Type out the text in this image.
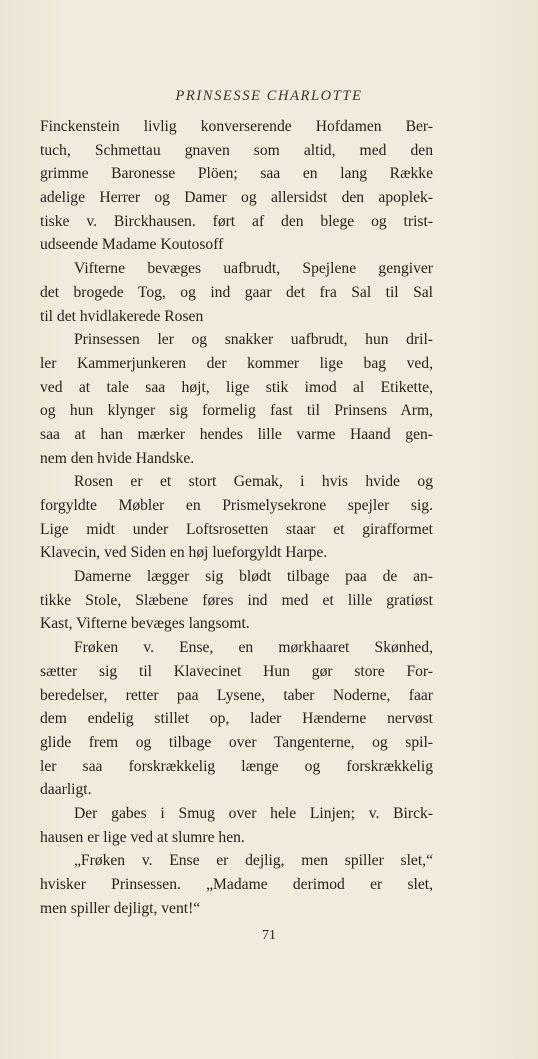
PRINSESSE CHARLOTTE
Finckenstein livlig konverserende Hofdamen Ber-
tuch, Schmettau gnaven som altid, med den
grimme Baronesse Plöen; saa en lang Række
adelige Herrer og Damer og allersidst den apoplek-
tiske v. Birckhausen. ført af den blege og trist-
udseende Madame Koutosoff
Vifterne bevæges uafbrudt, Spejlene gengiver
det brogede Tog, og ind gaar det fra Sal til Sal
til det hvidlakerede Rosen
Prinsessen ler og snakker uafbrudt, hun dril-
ler Kammerjunkeren der kommer lige bag ved,
ved at tale saa højt, lige stik imod al Etikette,
og hun klynger sig formelig fast til Prinsens Arm,
saa at han mærker hendes lille varme Haand gen-
nem den hvide Handske.
Rosen er et stort Gemak, i hvis hvide og
forgyldte Møbler en Prismelysekrone spejler sig.
Lige midt under Loftsrosetten staar et girafformet
Klavecin, ved Siden en høj lueforgyldt Harpe.
Damerne lægger sig blødt tilbage paa de an-
tikke Stole, Slæbene føres ind med et lille gratiøst
Kast, Vifterne bevæges langsomt.
Frøken v. Ense, en mørkhaaret Skønhed,
sætter sig til Klavecinet Hun gør store For-
beredelser, retter paa Lysene, taber Noderne, faar
dem endelig stillet op, lader Hænderne nervøst
glide frem og tilbage over Tangenterne, og spil-
ler saa forskrækkelig længe og forskrækkelig
daarligt.
Der gabes i Smug over hele Linjen; v. Birck-
hausen er lige ved at slumre hen.
„Frøken v. Ense er dejlig, men spiller slet,“
hvisker Prinsessen. „Madame derimod er slet,
men spiller dejligt, vent!“
71
